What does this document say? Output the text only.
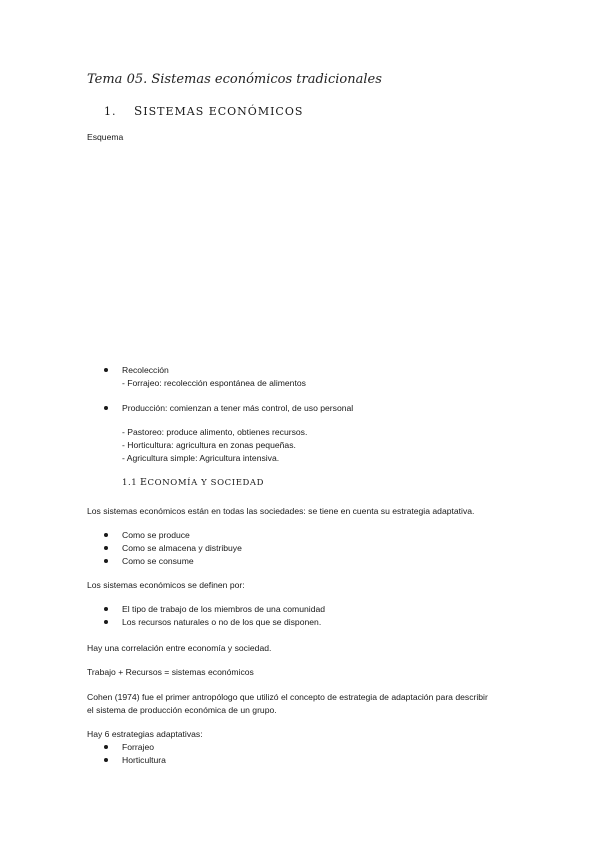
Tema 05. Sistemas económicos tradicionales
1. SISTEMAS ECONÓMICOS
Esquema
Recolección
- Forrajeo: recolección espontánea de alimentos
Producción: comienzan a tener más control, de uso personal
- Pastoreo: produce alimento, obtienes recursos.
- Horticultura: agricultura en zonas pequeñas.
- Agricultura simple: Agricultura intensiva.
1.1 ECONOMÍA Y SOCIEDAD
Los sistemas económicos están en todas las sociedades: se tiene en cuenta su estrategia adaptativa.
Como se produce
Como se almacena y distribuye
Como se consume
Los sistemas económicos se definen por:
El tipo de trabajo de los miembros de una comunidad
Los recursos naturales o no de los que se disponen.
Hay una correlación entre economía y sociedad.
Trabajo + Recursos = sistemas económicos
Cohen (1974) fue el primer antropólogo que utilizó el concepto de estrategia de adaptación para describir
el sistema de producción económica de un grupo.
Hay 6 estrategias adaptativas:
Forrajeo
Horticultura
